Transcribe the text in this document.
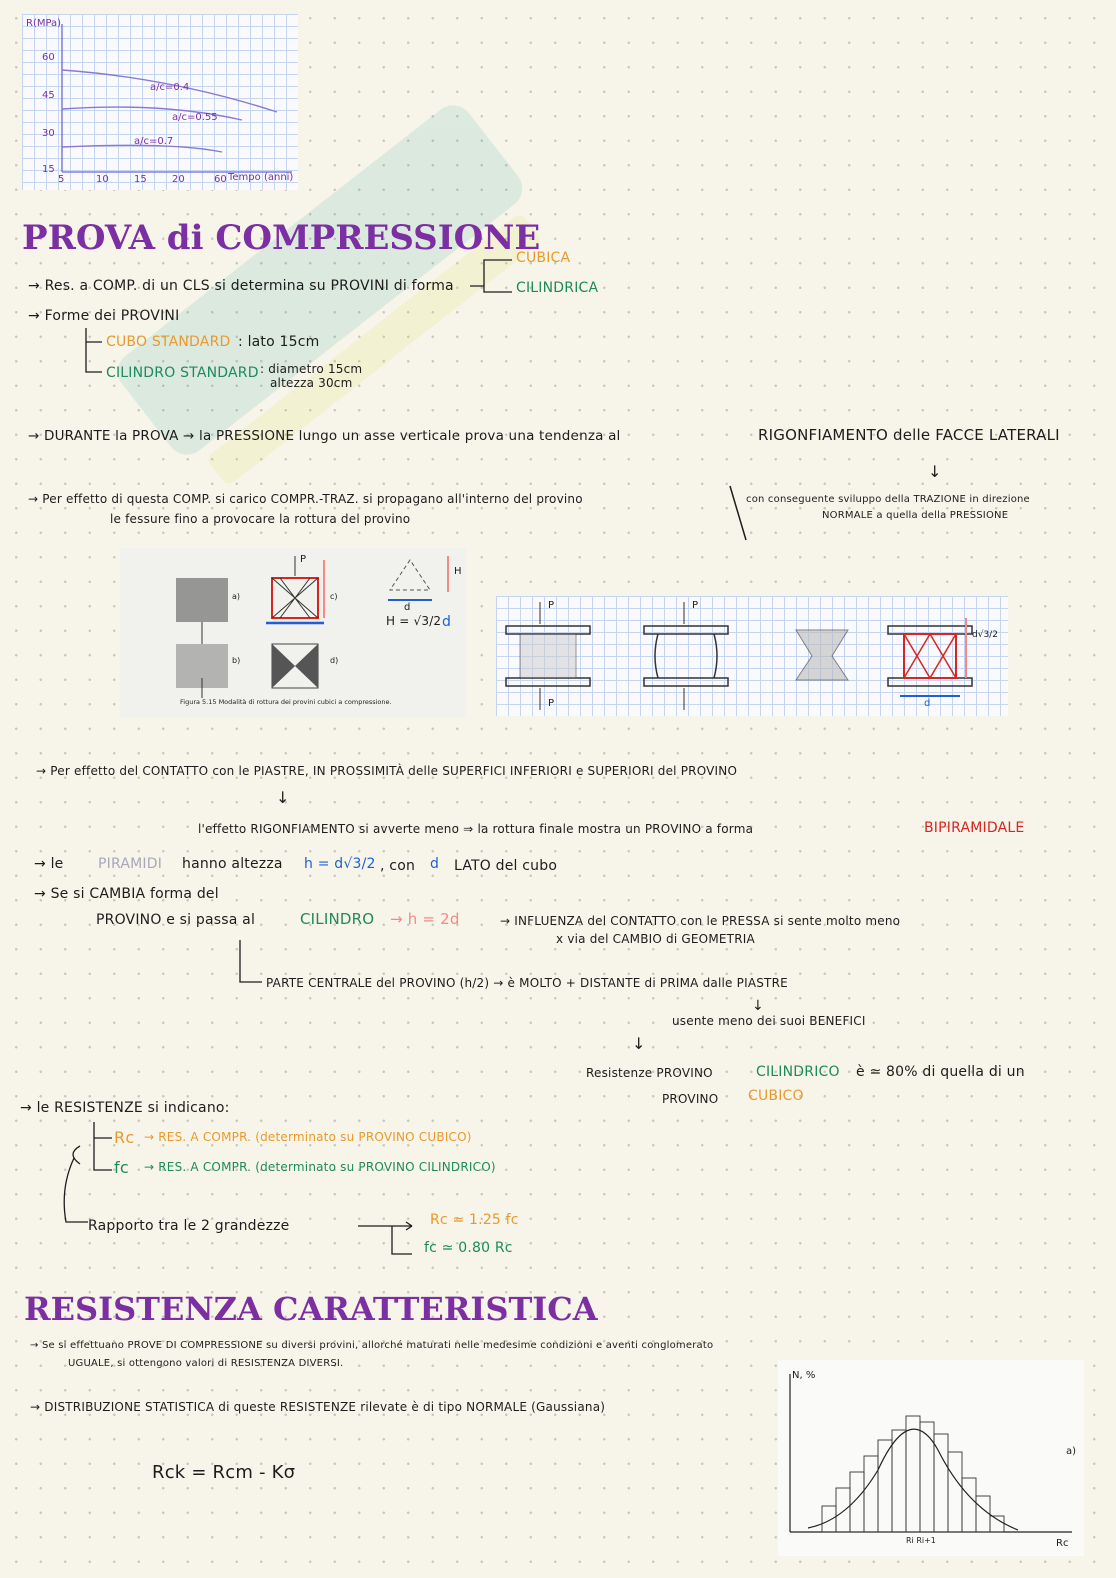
R(MPa)
60
45
30
15
5	10	15	20	60 Tempo (anni)
a/c=0.4
a/c=0.55
a/c=0.7
PROVA di COMPRESSIONE
→ Res. a COMP. di un CLS si determina su PROVINI di forma
CUBICA
CILINDRICA
→ Forme dei PROVINI
CUBO STANDARD : lato 15cm
CILINDRO STANDARD : diametro 15cm
altezza 30cm
→ DURANTE la PROVA → la PRESSIONE lungo un asse verticale prova una tendenza al	RIGONFIAMENTO delle FACCE LATERALI
↓
→ Per effetto di questa COMP. si carico COMPR.-TRAZ. si propagano all'interno del provino
le fessure fino a provocare la rottura del provino
con conseguente sviluppo della TRAZIONE in direzione
NORMALE a quella della PRESSIONE
Figura 5.15 Modalità di rottura dei provini cubici a compressione.
a)
b)
c)
d)
P
H
d
H = √3/2 d
P
P
P
d√3/2
d
→ Per effetto del CONTATTO con le PIASTRE, IN PROSSIMITÀ delle SUPERFICI INFERIORI e SUPERIORI del PROVINO
↓
l'effetto RIGONFIAMENTO si avverte meno ⇒ la rottura finale mostra un PROVINO a forma	BIPIRAMIDALE
→ le PIRAMIDI hanno altezza h = d√3/2 , con d LATO del cubo
→ Se si CAMBIA forma del
PROVINO e si passa al	CILINDRO → h = 2d	→ INFLUENZA del CONTATTO con le PRESSA si sente molto meno
x via del CAMBIO di GEOMETRIA
PARTE CENTRALE del PROVINO (h/2) → è MOLTO + DISTANTE di PRIMA dalle PIASTRE
↓
usente meno dei suoi BENEFICI
↓
Resistenze PROVINO	CILINDRICO è ≃ 80% di quella di un
PROVINO CUBICO
→ le RESISTENZE si indicano:
Rc → RES. A COMPR. (determinato su PROVINO CUBICO)
fc → RES. A COMPR. (determinato su PROVINO CILINDRICO)
Rapporto tra le 2 grandezze	Rc ≃ 1.25 fc
fc ≃ 0.80 Rc
RESISTENZA CARATTERISTICA
→ Se si effettuano PROVE DI COMPRESSIONE su diversi provini, allorché maturati nelle medesime condizioni e aventi conglomerato
UGUALE, si ottengono valori di RESISTENZA DIVERSI.
→ DISTRIBUZIONE STATISTICA di queste RESISTENZE rilevate è di tipo NORMALE (Gaussiana)
Rck = Rcm - Kσ
N, %
Rc
a)
Ri Ri+1
